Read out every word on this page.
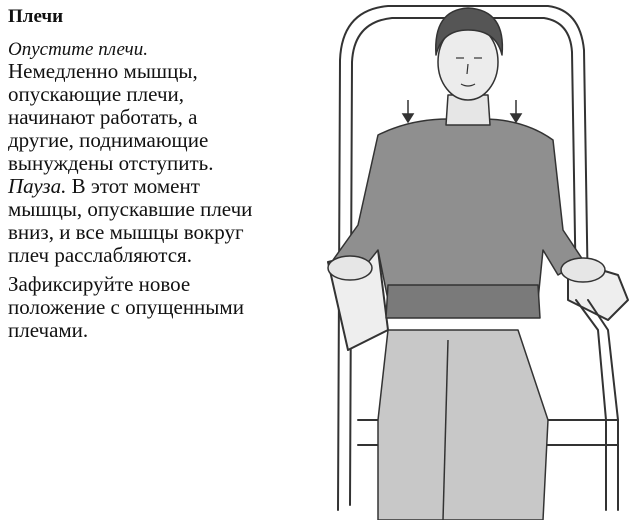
Плечи
Опустите плечи.
Немедленно мышцы,
опускающие плечи,
начинают работать, а
другие, поднимающие
вынуждены отступить.
Пауза. В этот момент
мышцы, опускавшие плечи
вниз, и все мышцы вокруг
плеч расслабляются.
Зафиксируйте новое
положение с опущенными
плечами.
